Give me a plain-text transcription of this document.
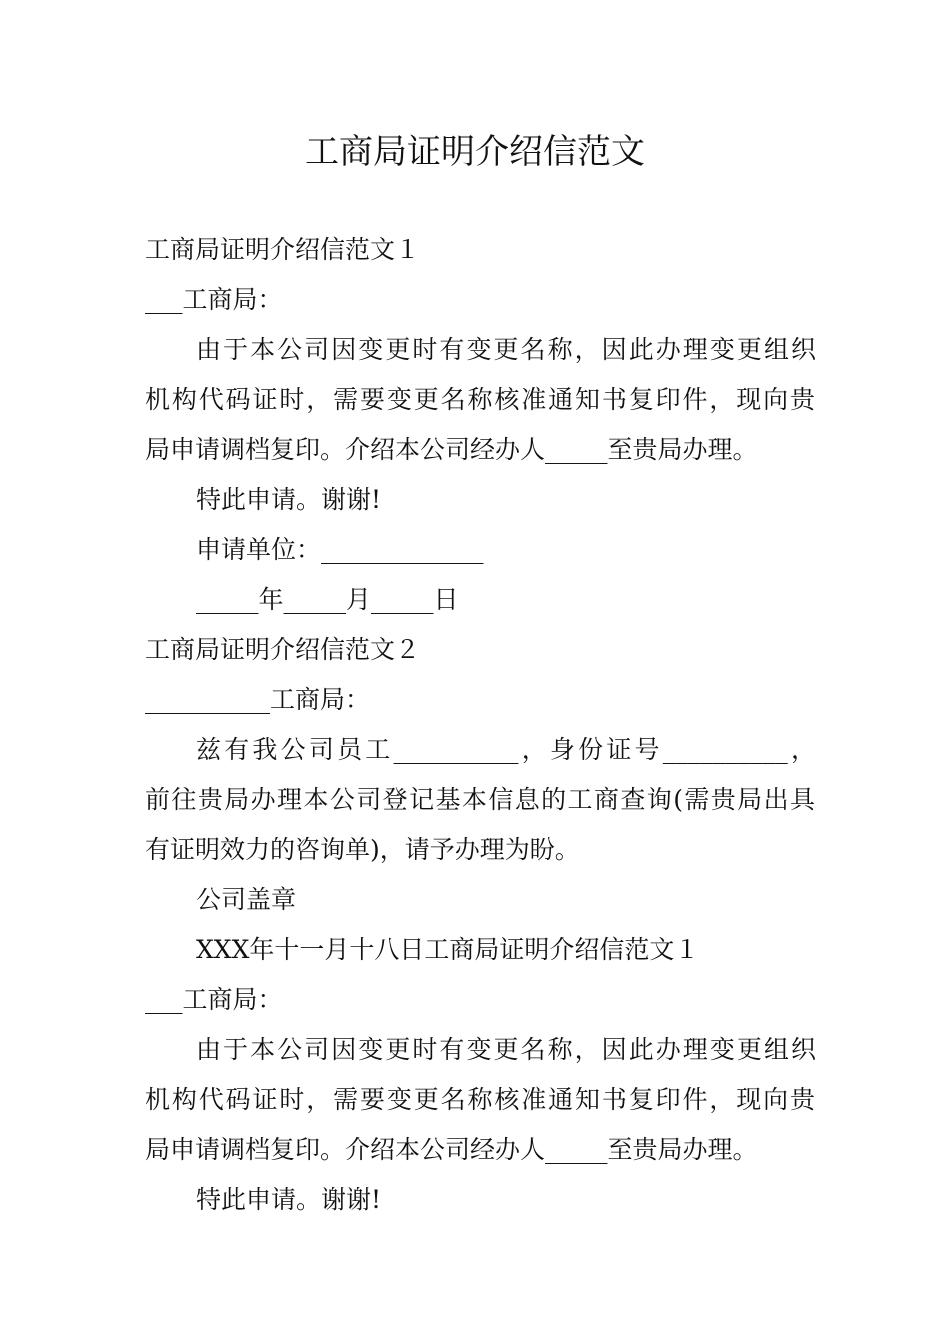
工商局证明介绍信范文
工商局证明介绍信范文１
___工商局：
由于本公司因变更时有变更名称，因此办理变更组织
机构代码证时，需要变更名称核准通知书复印件，现向贵
局申请调档复印。介绍本公司经办人_____至贵局办理。
特此申请。谢谢!
申请单位：_____________
_____年_____月_____日
工商局证明介绍信范文２
__________工商局：
兹有我公司员工__________，身份证号__________，
前往贵局办理本公司登记基本信息的工商查询(需贵局出具
有证明效力的咨询单)，请予办理为盼。
公司盖章
XXX年十一月十八日工商局证明介绍信范文１
___工商局：
由于本公司因变更时有变更名称，因此办理变更组织
机构代码证时，需要变更名称核准通知书复印件，现向贵
局申请调档复印。介绍本公司经办人_____至贵局办理。
特此申请。谢谢!
